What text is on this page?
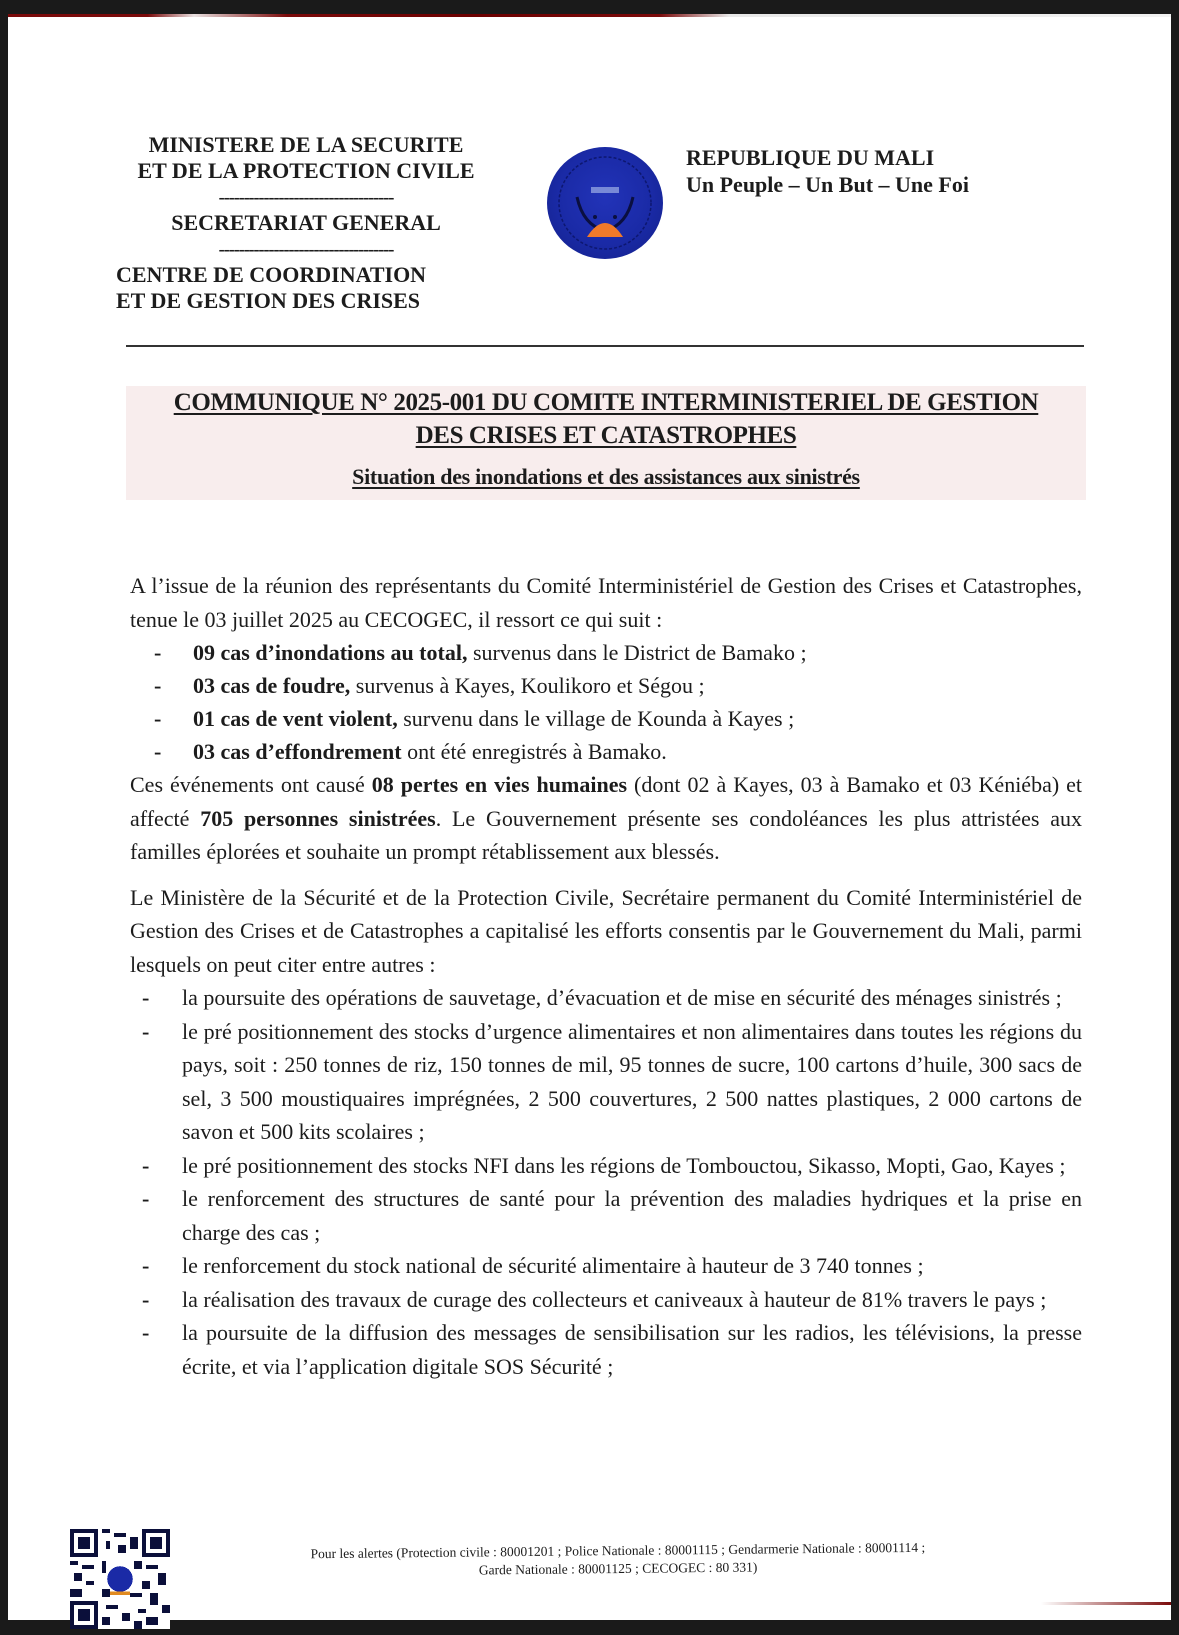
MINISTERE DE LA SECURITE
ET DE LA PROTECTION CIVILE
-----------------------------------
SECRETARIAT GENERAL
-----------------------------------
CENTRE DE COORDINATION
ET DE GESTION DES CRISES
REPUBLIQUE DU MALI
Un Peuple – Un But – Une Foi
COMMUNIQUE N° 2025-001 DU COMITE INTERMINISTERIEL DE GESTION
DES CRISES ET CATASTROPHES
Situation des inondations et des assistances aux sinistrés

A l’issue de la réunion des représentants du Comité Interministériel de Gestion des Crises et Catastrophes, tenue le 03 juillet 2025 au CECOGEC, il ressort ce qui suit :

- 09 cas d’inondations au total, survenus dans le District de Bamako ;
- 03 cas de foudre, survenus à Kayes, Koulikoro et Ségou ;
- 01 cas de vent violent, survenu dans le village de Kounda à Kayes ;
- 03 cas d’effondrement ont été enregistrés à Bamako.

Ces événements ont causé 08 pertes en vies humaines (dont 02 à Kayes, 03 à Bamako et 03 Kéniéba) et affecté 705 personnes sinistrées. Le Gouvernement présente ses condoléances les plus attristées aux familles éplorées et souhaite un prompt rétablissement aux blessés.

Le Ministère de la Sécurité et de la Protection Civile, Secrétaire permanent du Comité Interministériel de Gestion des Crises et de Catastrophes a capitalisé les efforts consentis par le Gouvernement du Mali, parmi lesquels on peut citer entre autres :

- la poursuite des opérations de sauvetage, d’évacuation et de mise en sécurité des ménages sinistrés ;
- le pré positionnement des stocks d’urgence alimentaires et non alimentaires dans toutes les régions du pays, soit : 250 tonnes de riz, 150 tonnes de mil, 95 tonnes de sucre, 100 cartons d’huile, 300 sacs de sel, 3 500 moustiquaires imprégnées, 2 500 couvertures, 2 500 nattes plastiques, 2 000 cartons de savon et 500 kits scolaires ;
- le pré positionnement des stocks NFI dans les régions de Tombouctou, Sikasso, Mopti, Gao, Kayes ;
- le renforcement des structures de santé pour la prévention des maladies hydriques et la prise en charge des cas ;
- le renforcement du stock national de sécurité alimentaire à hauteur de 3 740 tonnes ;
- la réalisation des travaux de curage des collecteurs et caniveaux à hauteur de 81% travers le pays ;
- la poursuite de la diffusion des messages de sensibilisation sur les radios, les télévisions, la presse écrite, et via l’application digitale SOS Sécurité ;
Pour les alertes (Protection civile : 80001201 ; Police Nationale : 80001115 ; Gendarmerie Nationale : 80001114 ;
Garde Nationale : 80001125 ; CECOGEC : 80 331)
